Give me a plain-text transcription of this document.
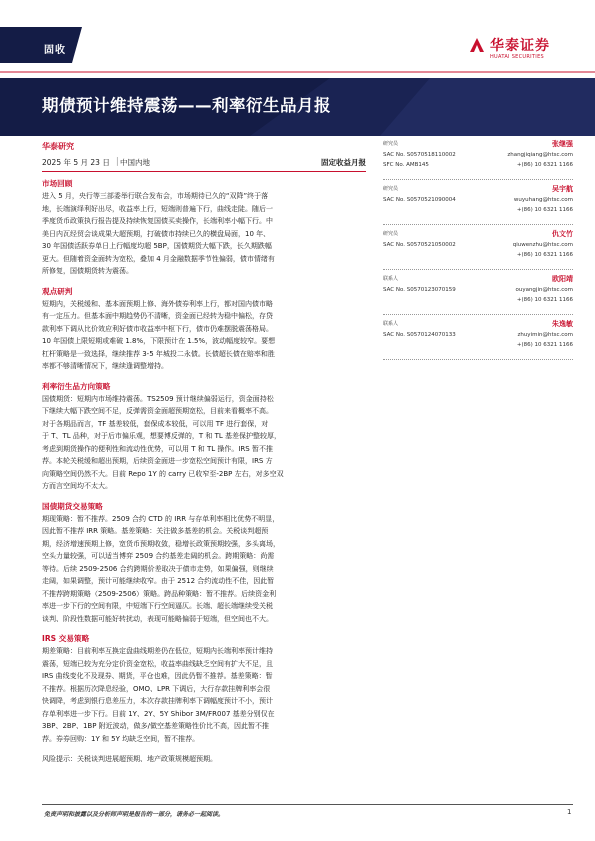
固收
期债预计维持震荡——利率衍生品月报
华泰证券
HUATAI SECURITIES
华泰研究
2025 年 5 月 23 日 │ 中国内地	固定收益月报
研究员	张继强
SAC No. S0570518110002	zhangjiqiang@htsc.com
SFC No. AMB145	+(86) 10 6321 1166
研究员	吴宇航
SAC No. S0570521090004	wuyuhang@htsc.com
+(86) 10 6321 1166
研究员	仇文竹
SAC No. S0570521050002	qiuwenzhu@htsc.com
+(86) 10 6321 1166
联系人	欧阳靖
SAC No. S0570123070159	ouyangjin@htsc.com
+(86) 10 6321 1166
联系人	朱逸敏
SAC No. S0570124070133	zhuyimin@htsc.com
+(86) 10 6321 1166
市场回顾

进入 5 月，央行等三部委举行联合发布会，市场期待已久的“双降”终于落

地，长端演绎利好出尽，收益率上行，短端则普遍下行，曲线走陡。随后一

季度货币政策执行报告提及持续恢复国债买卖操作，长端利率小幅下行。中

美日内瓦经贸会谈成果大超预期，打破债市持续已久的横盘局面，10 年、

30 年国债活跃券单日上行幅度均超 5BP，国债期货大幅下跌，长久期跌幅

更大。但随着资金面转为宽松，叠加 4 月金融数据季节性偏弱，债市情绪有

所修复，国债期货转为震荡。

观点研判

短期内，关税缓和、基本面预期上修、海外债券利率上行，都对国内债市略

有一定压力。但基本面中期趋势仍不清晰，资金面已经转为稳中偏松，存贷

款利率下调从比价效应利好债市收益率中枢下行，债市仍难摆脱震荡格局。

10 年国债上限短期或难破 1.8%，下限预计在 1.5%，波动幅度较窄。要想

杠杆策略是一致选择，继续推荐 3-5 年城投二永债。长债超长债在赔率和胜

率都不够清晰情况下，继续逢调整增持。

利率衍生品方向策略

国债期货：短期内市场维持震荡。TS2509 预计继续偏弱运行，资金面持松

下继续大幅下跌空间不足，反弹需资金面超预期宽松，目前来看概率不高。

对于各期品而言，TF 基差较低，套保成本较低，可以用 TF 进行套保，对

于 T、TL 品种，对于后市偏乐观，想要博反弹的，T 和 TL 基差保护整较厚，

考虑到期货操作的便利性和流动性优势，可以用 T 和 TL 操作。IRS 暂不推

荐。本轮关税缓和超出预期，后续资金面进一步宽松空间预计有限，IRS 方

向策略空间仍然不大。目前 Repo 1Y 的 carry 已收窄至-2BP 左右，对多空双

方而言空间均不太大。

国债期货交易策略

期现策略：暂不推荐。2509 合约 CTD 的 IRR 与存单利率相比优势不明显，

因此暂不推荐 IRR 策略。基差策略：关注做多基差的机会。关税谈判超预

期，经济增速预期上修，宽货币预期收敛，稳增长政策预期较强，多头离场，

空头力量较强，可以适当博弈 2509 合约基差走阔的机会。跨期策略：尚需

等待。后续 2509-2506 合约跨期价差取决于债市走势，如果偏强，则继续

走阔，如果调整，预计可能继续收窄。由于 2512 合约流动性不佳，因此暂

不推荐跨期策略（2509-2506）策略。跨品种策略：暂不推荐。后续资金利

率进一步下行的空间有限，中短端下行空间逼仄。长端、超长端继续受关税

谈判、阶段性数据可能好转扰动，表现可能略偏弱于短端，但空间也不大。

IRS 交易策略

期差策略：目前利率互换定盘曲线期差仍在低位，短期内长端利率预计维持

震荡，短端已较为充分定价资金宽松，收益率曲线缺乏空间有扩大不足，且

IRS 曲线变化不及现券、期货，平仓也难，因此仍暂不推荐。基差策略：暂

不推荐。根据历次降息经验，OMO、LPR 下调后，大行存款挂牌利率会很

快调降，考虑到银行息差压力，本次存款挂牌利率下调幅度预计不小，预计

存单利率进一步下行。目前 1Y、2Y、5Y Shibor 3M/FR007 基差分别仅在

3BP、2BP、1BP 附近波动，做多/做空基差策略性价比不高，因此暂不推

荐。券券回购：1Y 和 5Y 均缺乏空间，暂不推荐。

风险提示：关税谈判进展超预期、地产政策规模超预期。
免责声明和披露以及分析师声明是报告的一部分，请务必一起阅读。	1
